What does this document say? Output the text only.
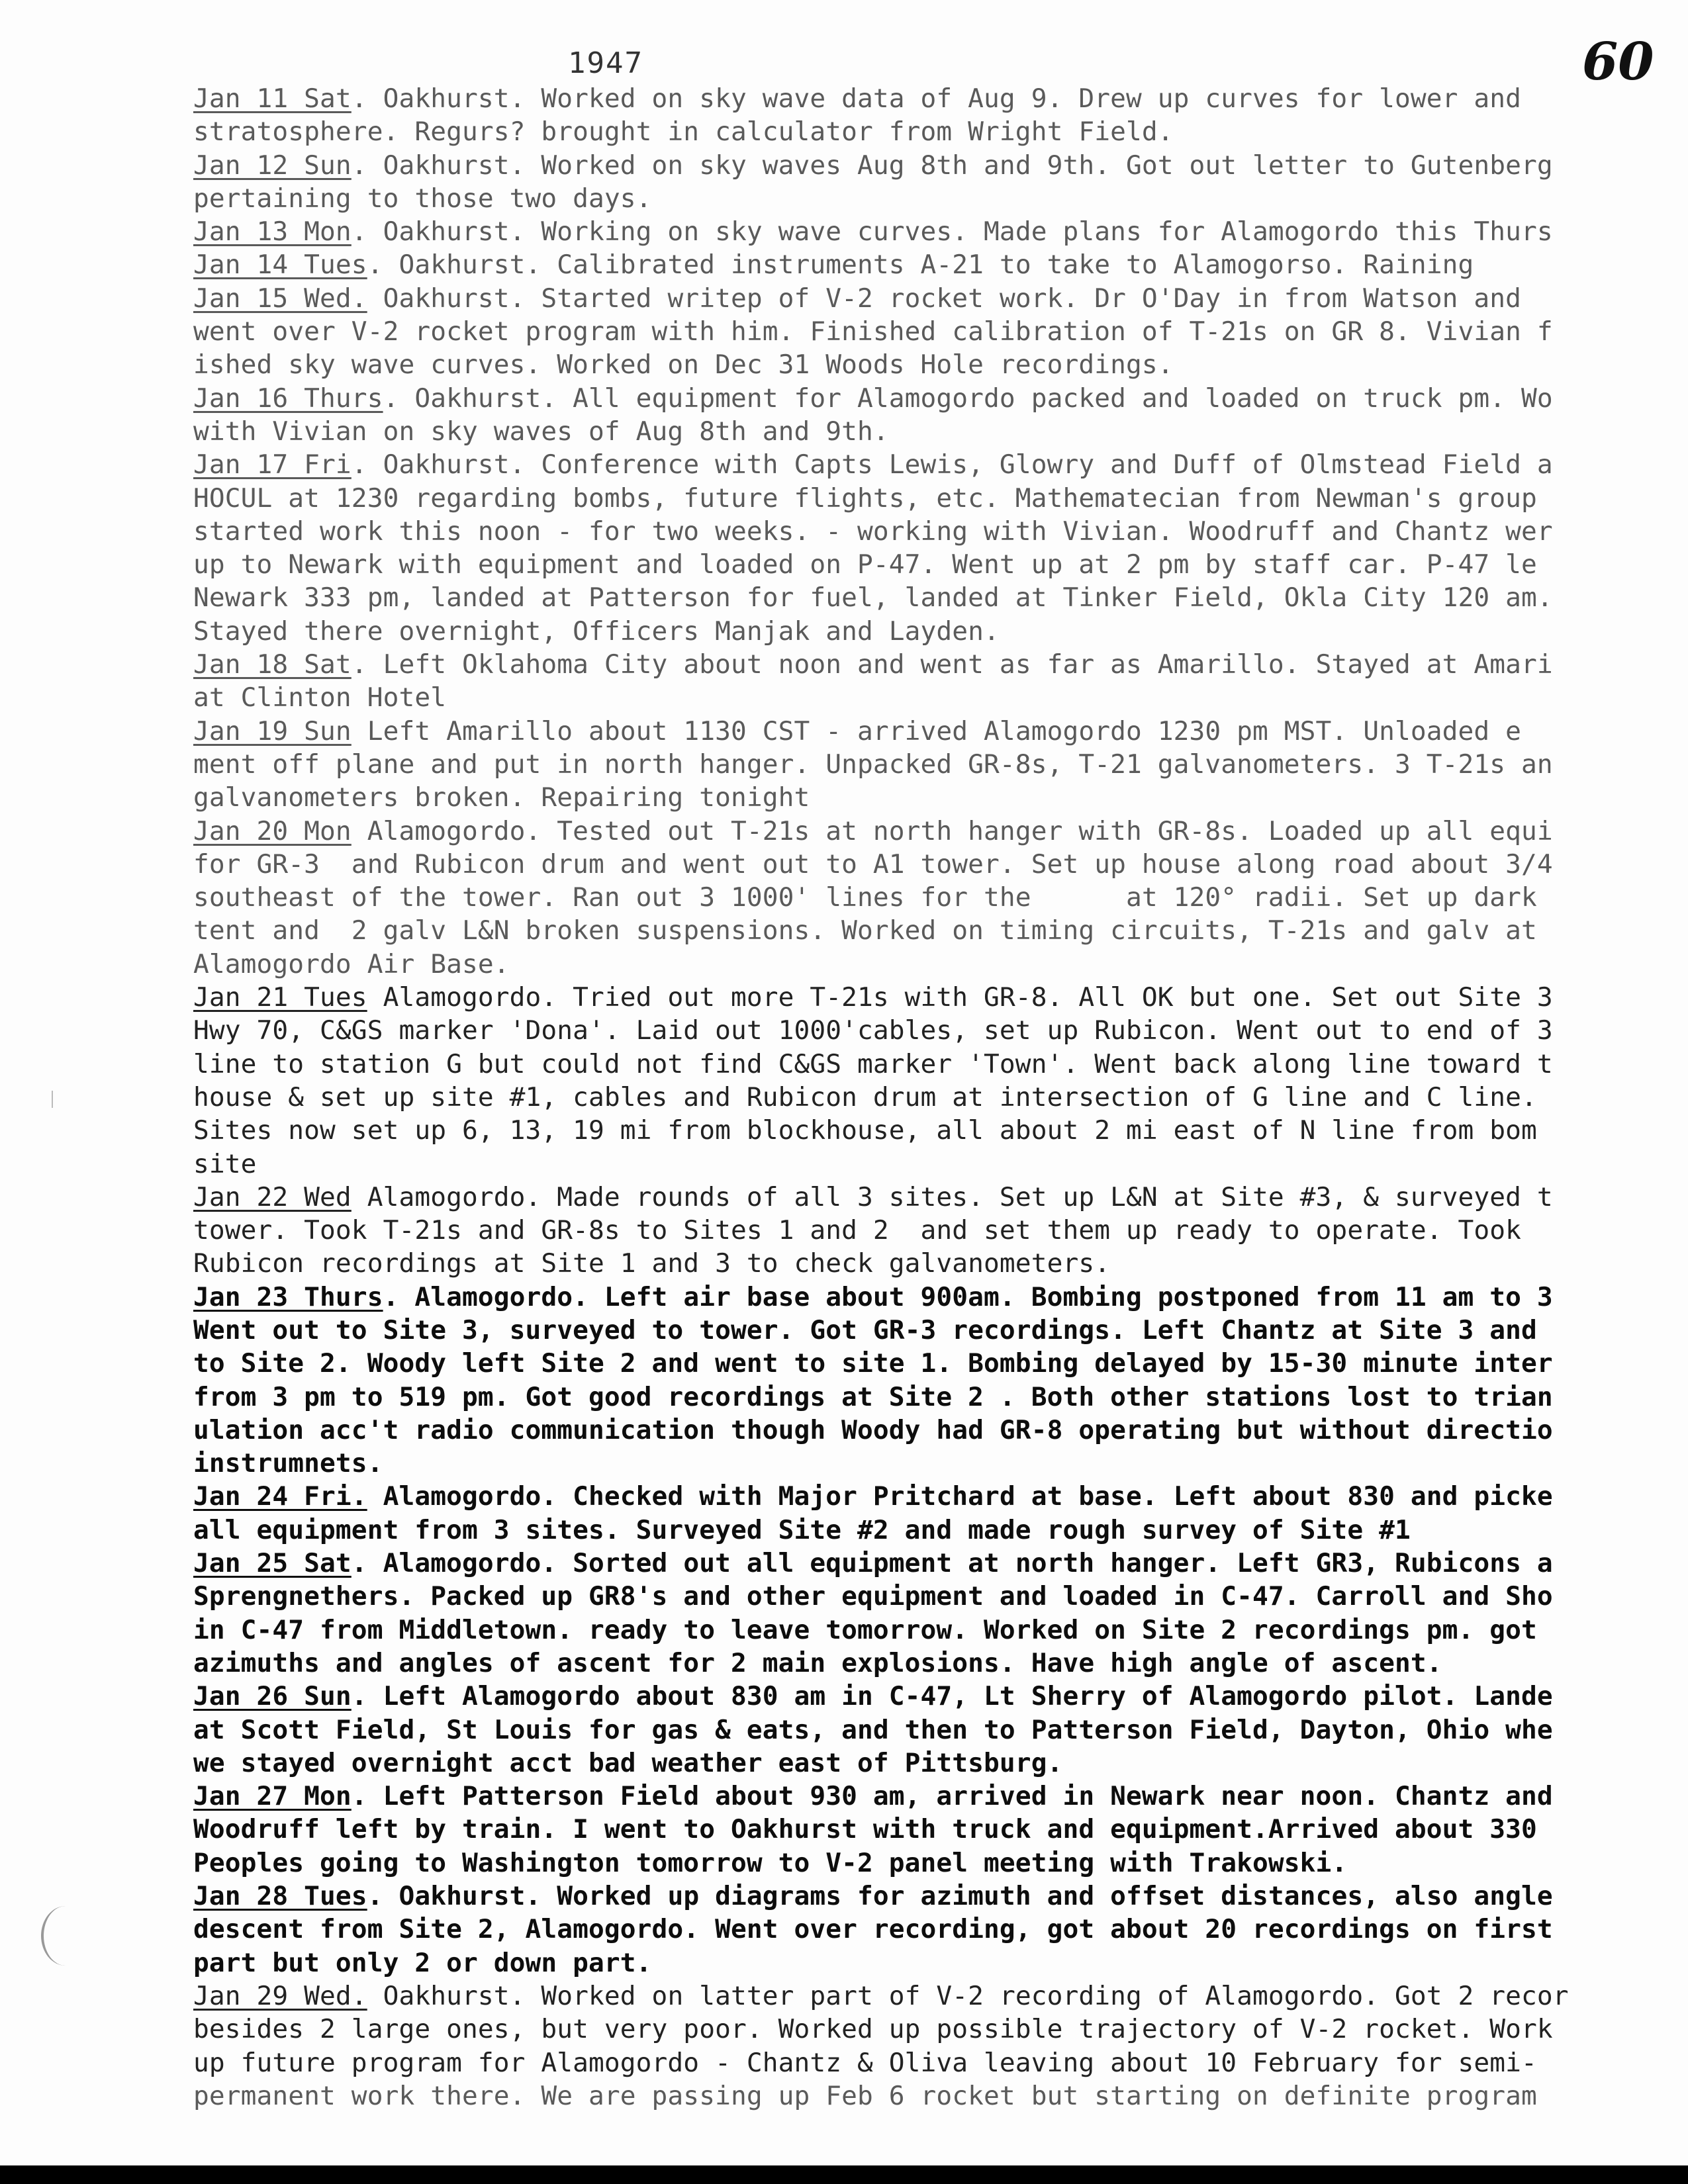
1947	60
Jan 11 Sat. Oakhurst. Worked on sky wave data of Aug 9. Drew up curves for lower and
stratosphere. Regurs? brought in calculator from Wright Field.
Jan 12 Sun. Oakhurst. Worked on sky waves Aug 8th and 9th. Got out letter to Gutenberg
pertaining to those two days.
Jan 13 Mon. Oakhurst. Working on sky wave curves. Made plans for Alamogordo this Thurs
Jan 14 Tues. Oakhurst. Calibrated instruments A-21 to take to Alamogorso. Raining
Jan 15 Wed. Oakhurst. Started writep of V-2 rocket work. Dr O'Day in from Watson and
went over V-2 rocket program with him. Finished calibration of T-21s on GR 8. Vivian f
ished sky wave curves. Worked on Dec 31 Woods Hole recordings.
Jan 16 Thurs. Oakhurst. All equipment for Alamogordo packed and loaded on truck pm. Wo
with Vivian on sky waves of Aug 8th and 9th.
Jan 17 Fri. Oakhurst. Conference with Capts Lewis, Glowry and Duff of Olmstead Field a
HOCUL at 1230 regarding bombs, future flights, etc. Mathematecian from Newman's group
started work this noon - for two weeks. - working with Vivian. Woodruff and Chantz wer
up to Newark with equipment and loaded on P-47. Went up at 2 pm by staff car. P-47 le
Newark 333 pm, landed at Patterson for fuel, landed at Tinker Field, Okla City 120 am.
Stayed there overnight, Officers Manjak and Layden.
Jan 18 Sat. Left Oklahoma City about noon and went as far as Amarillo. Stayed at Amari
at Clinton Hotel
Jan 19 Sun Left Amarillo about 1130 CST - arrived Alamogordo 1230 pm MST. Unloaded e
ment off plane and put in north hanger. Unpacked GR-8s, T-21 galvanometers. 3 T-21s an
galvanometers broken. Repairing tonight
Jan 20 Mon Alamogordo. Tested out T-21s at north hanger with GR-8s. Loaded up all equi
for GR-3  and Rubicon drum and went out to A1 tower. Set up house along road about 3/4
southeast of the tower. Ran out 3 1000' lines for the      at 120° radii. Set up dark
tent and  2 galv L&N broken suspensions. Worked on timing circuits, T-21s and galv at
Alamogordo Air Base.
Jan 21 Tues Alamogordo. Tried out more T-21s with GR-8. All OK but one. Set out Site 3
Hwy 70, C&GS marker 'Dona'. Laid out 1000'cables, set up Rubicon. Went out to end of 3
line to station G but could not find C&GS marker 'Town'. Went back along line toward t
house & set up site #1, cables and Rubicon drum at intersection of G line and C line.
Sites now set up 6, 13, 19 mi from blockhouse, all about 2 mi east of N line from bom
site
Jan 22 Wed Alamogordo. Made rounds of all 3 sites. Set up L&N at Site #3, & surveyed t
tower. Took T-21s and GR-8s to Sites 1 and 2  and set them up ready to operate. Took
Rubicon recordings at Site 1 and 3 to check galvanometers.
Jan 23 Thurs. Alamogordo. Left air base about 900am. Bombing postponed from 11 am to 3
Went out to Site 3, surveyed to tower. Got GR-3 recordings. Left Chantz at Site 3 and
to Site 2. Woody left Site 2 and went to site 1. Bombing delayed by 15-30 minute inter
from 3 pm to 519 pm. Got good recordings at Site 2 . Both other stations lost to trian
ulation acc't radio communication though Woody had GR-8 operating but without directio
instrumnets.
Jan 24 Fri. Alamogordo. Checked with Major Pritchard at base. Left about 830 and picke
all equipment from 3 sites. Surveyed Site #2 and made rough survey of Site #1
Jan 25 Sat. Alamogordo. Sorted out all equipment at north hanger. Left GR3, Rubicons a
Sprengnethers. Packed up GR8's and other equipment and loaded in C-47. Carroll and Sho
in C-47 from Middletown. ready to leave tomorrow. Worked on Site 2 recordings pm. got
azimuths and angles of ascent for 2 main explosions. Have high angle of ascent.
Jan 26 Sun. Left Alamogordo about 830 am in C-47, Lt Sherry of Alamogordo pilot. Lande
at Scott Field, St Louis for gas & eats, and then to Patterson Field, Dayton, Ohio whe
we stayed overnight acct bad weather east of Pittsburg.
Jan 27 Mon. Left Patterson Field about 930 am, arrived in Newark near noon. Chantz and
Woodruff left by train. I went to Oakhurst with truck and equipment.Arrived about 330
Peoples going to Washington tomorrow to V-2 panel meeting with Trakowski.
Jan 28 Tues. Oakhurst. Worked up diagrams for azimuth and offset distances, also angle
descent from Site 2, Alamogordo. Went over recording, got about 20 recordings on first
part but only 2 or down part.
Jan 29 Wed. Oakhurst. Worked on latter part of V-2 recording of Alamogordo. Got 2 recor
besides 2 large ones, but very poor. Worked up possible trajectory of V-2 rocket. Work
up future program for Alamogordo - Chantz & Oliva leaving about 10 February for semi-
permanent work there. We are passing up Feb 6 rocket but starting on definite program
